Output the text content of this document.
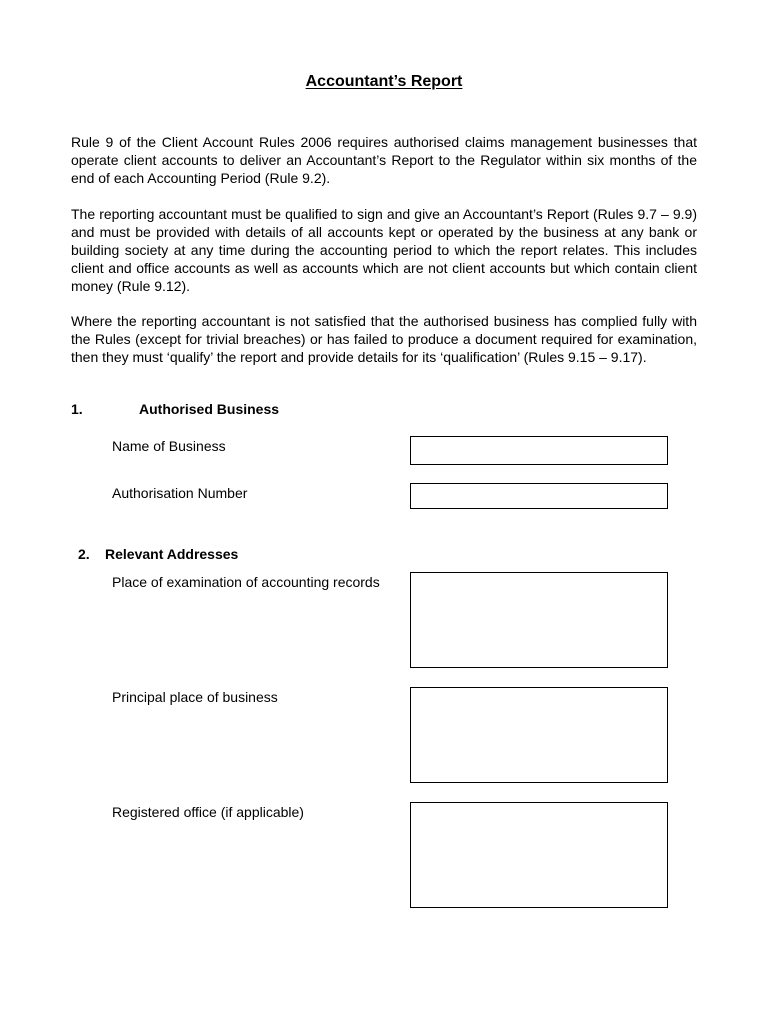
Accountant’s Report

Rule 9 of the Client Account Rules 2006 requires authorised claims management businesses that operate client accounts to deliver an Accountant’s Report to the Regulator within six months of the end of each Accounting Period (Rule 9.2).

The reporting accountant must be qualified to sign and give an Accountant’s Report (Rules 9.7 – 9.9) and must be provided with details of all accounts kept or operated by the business at any bank or building society at any time during the accounting period to which the report relates. This includes client and office accounts as well as accounts which are not client accounts but which contain client money (Rule 9.12).

Where the reporting accountant is not satisfied that the authorised business has complied fully with the Rules (except for trivial breaches) or has failed to produce a document required for examination, then they must ‘qualify’ the report and provide details for its ‘qualification’ (Rules 9.15 – 9.17).

1.	Authorised Business
Name of Business
Authorisation Number
2. Relevant Addresses
Place of examination of accounting records
Principal place of business
Registered office (if applicable)
